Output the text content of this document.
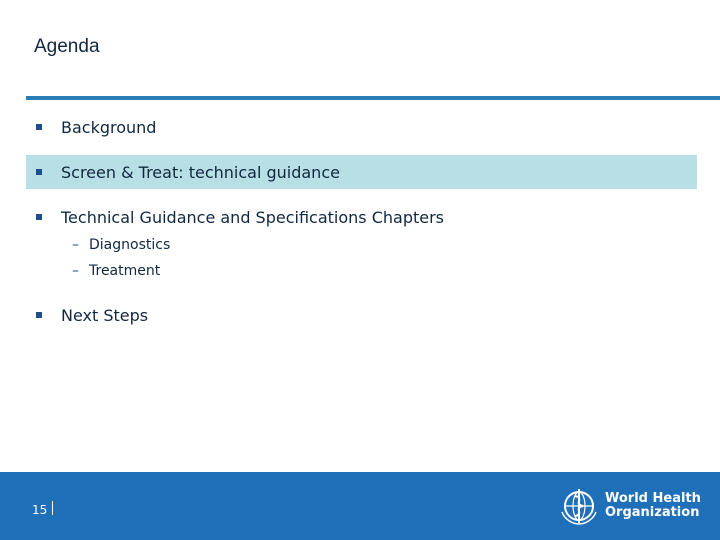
Agenda
Background
Screen & Treat: technical guidance
Technical Guidance and Specifications Chapters
– Diagnostics
– Treatment
Next Steps
15
World Health
Organization
